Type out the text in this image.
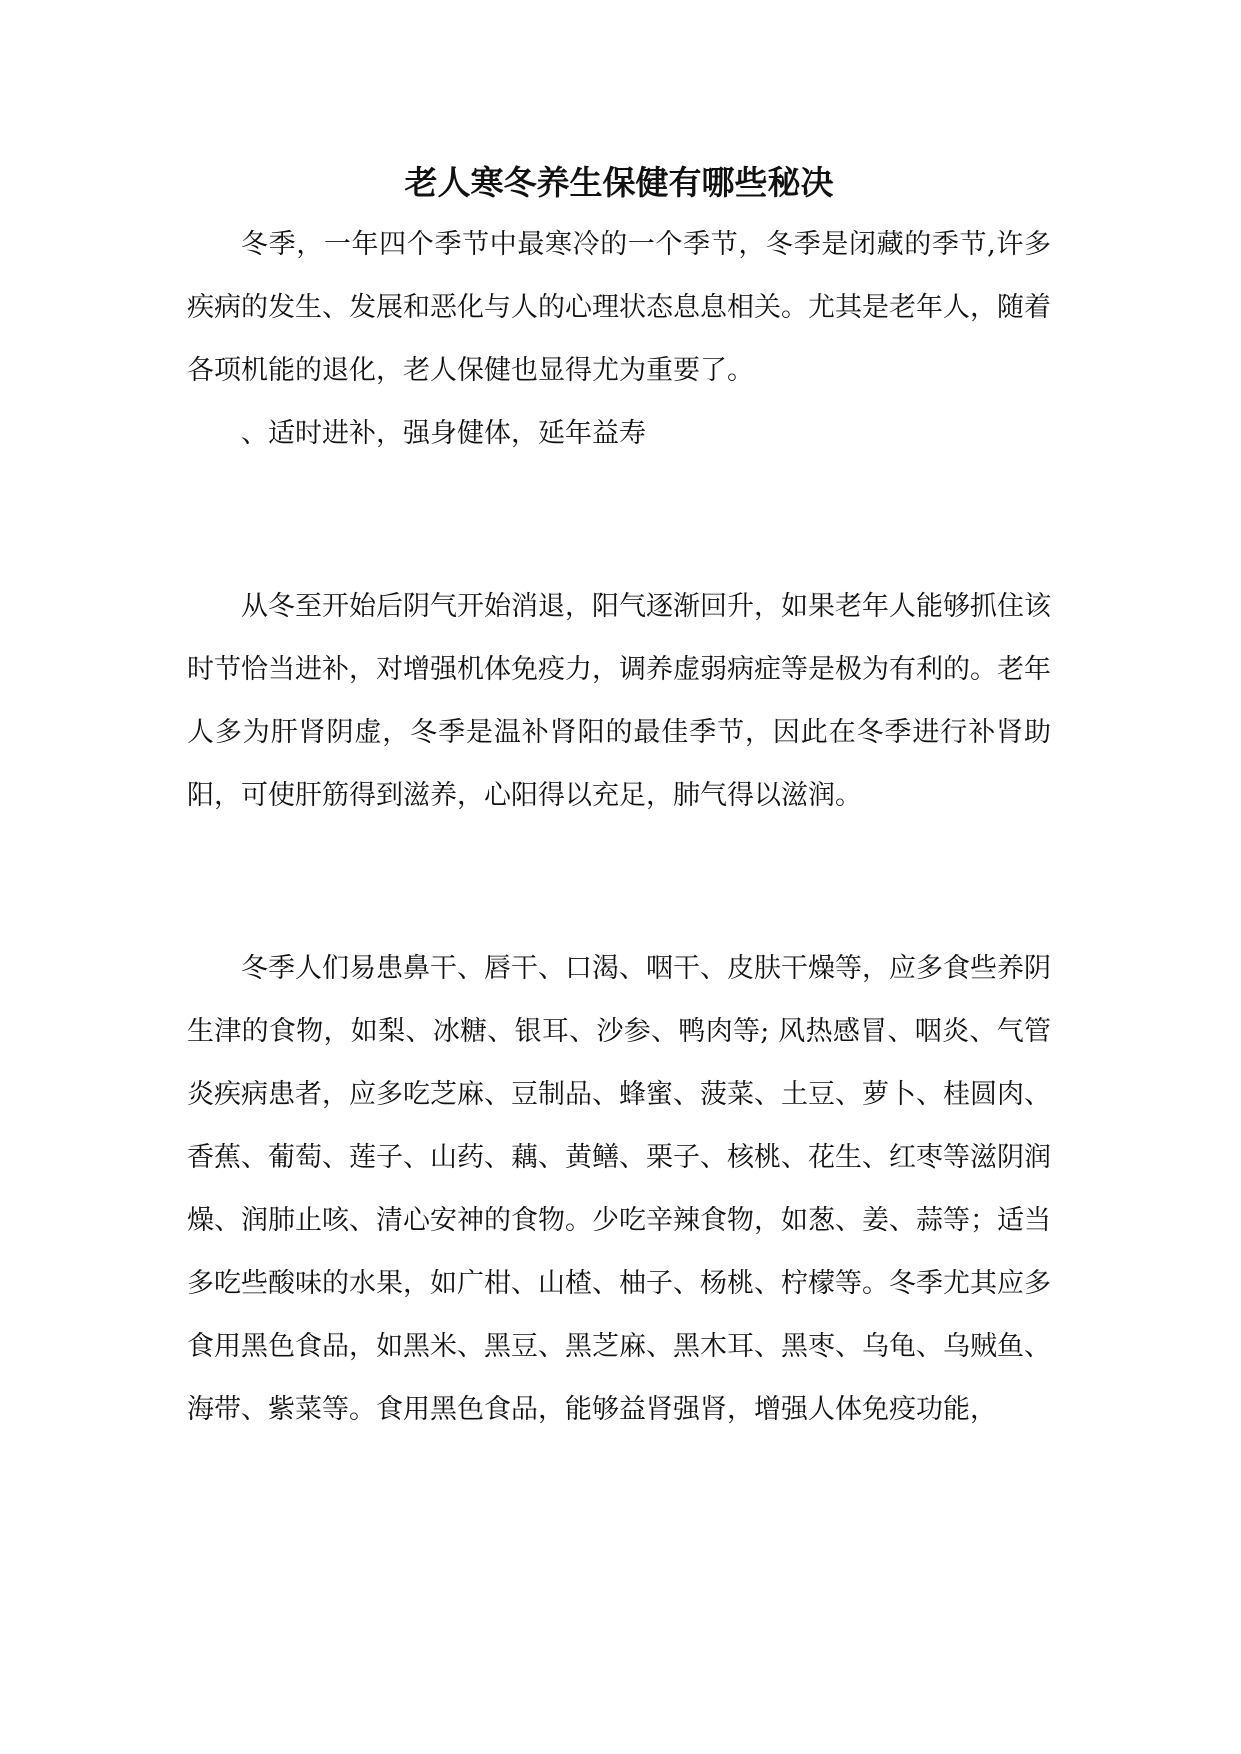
老人寒冬养生保健有哪些秘决

冬季，一年四个季节中最寒冷的一个季节，冬季是闭藏的季节,许多疾病的发生、发展和恶化与人的心理状态息息相关。尤其是老年人，随着各项机能的退化，老人保健也显得尤为重要了。

、适时进补，强身健体，延年益寿

从冬至开始后阴气开始消退，阳气逐渐回升，如果老年人能够抓住该时节恰当进补，对增强机体免疫力，调养虚弱病症等是极为有利的。老年人多为肝肾阴虚，冬季是温补肾阳的最佳季节，因此在冬季进行补肾助阳，可使肝筋得到滋养，心阳得以充足，肺气得以滋润。

冬季人们易患鼻干、唇干、口渴、咽干、皮肤干燥等，应多食些养阴生津的食物，如梨、冰糖、银耳、沙参、鸭肉等; 风热感冒、咽炎、气管炎疾病患者，应多吃芝麻、豆制品、蜂蜜、菠菜、土豆、萝卜、桂圆肉、香蕉、葡萄、莲子、山药、藕、黄鳝、栗子、核桃、花生、红枣等滋阴润燥、润肺止咳、清心安神的食物。少吃辛辣食物，如葱、姜、蒜等；适当多吃些酸味的水果，如广柑、山楂、柚子、杨桃、柠檬等。冬季尤其应多食用黑色食品，如黑米、黑豆、黑芝麻、黑木耳、黑枣、乌龟、乌贼鱼、海带、紫菜等。食用黑色食品，能够益肾强肾，增强人体免疫功能，
